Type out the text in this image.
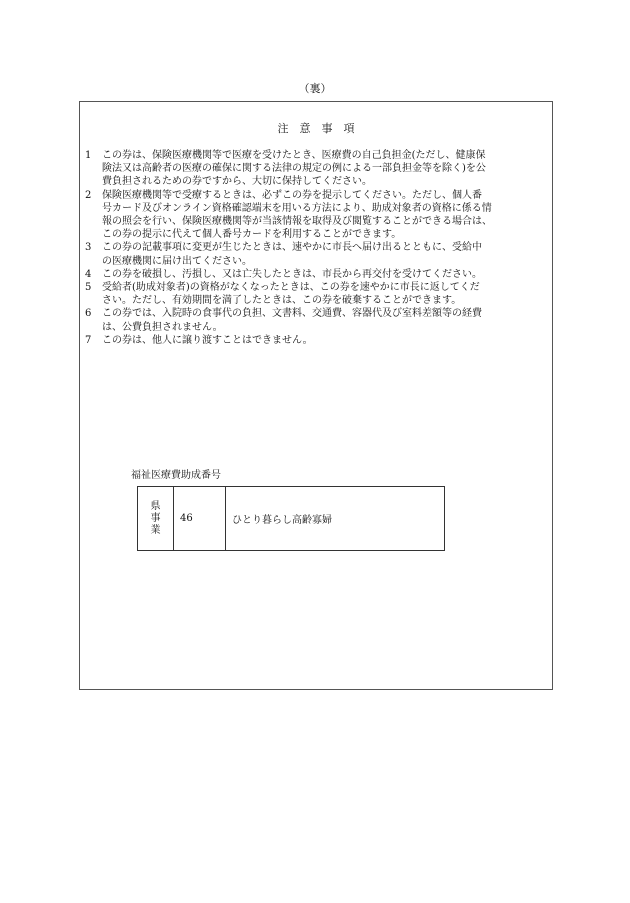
（裏）
注意事項
1	この券は、保険医療機関等で医療を受けたとき、医療費の自己負担金(ただし、健康保
険法又は高齢者の医療の確保に関する法律の規定の例による一部負担金等を除く)を公
費負担されるための券ですから、大切に保持してください。
2	保険医療機関等で受療するときは、必ずこの券を提示してください。ただし、個人番
号カード及びオンライン資格確認端末を用いる方法により、助成対象者の資格に係る情
報の照会を行い、保険医療機関等が当該情報を取得及び閲覧することができる場合は、
この券の提示に代えて個人番号カードを利用することができます。
3	この券の記載事項に変更が生じたときは、速やかに市長へ届け出るとともに、受給中
の医療機関に届け出てください。
4	この券を破損し、汚損し、又は亡失したときは、市長から再交付を受けてください。
5	受給者(助成対象者)の資格がなくなったときは、この券を速やかに市長に返してくだ
さい。ただし、有効期間を満了したときは、この券を破棄することができます。
6	この券では、入院時の食事代の負担、文書料、交通費、容器代及び室料差額等の経費
は、公費負担されません。
7	この券は、他人に譲り渡すことはできません。
福祉医療費助成番号
県事業	46	ひとり暮らし高齢寡婦
